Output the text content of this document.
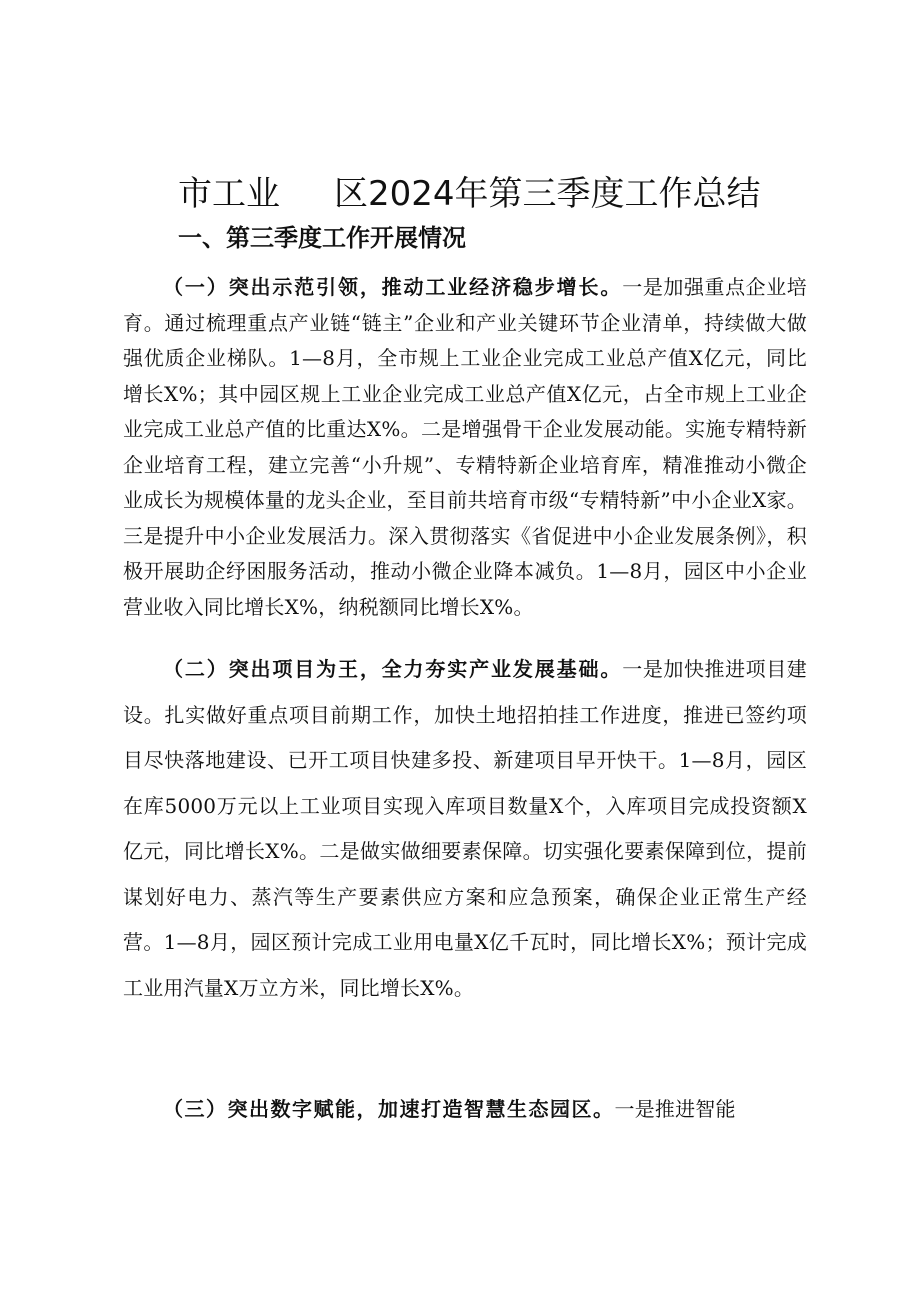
市工业 区2024年第三季度工作总结
一、第三季度工作开展情况

（一）突出示范引领，推动工业经济稳步增长。一是加强重点企业培育。通过梳理重点产业链“链主”企业和产业关键环节企业清单，持续做大做强优质企业梯队。1—8月，全市规上工业企业完成工业总产值X亿元，同比增长X%；其中园区规上工业企业完成工业总产值X亿元，占全市规上工业企业完成工业总产值的比重达X%。二是增强骨干企业发展动能。实施专精特新企业培育工程，建立完善“小升规”、专精特新企业培育库，精准推动小微企业成长为规模体量的龙头企业，至目前共培育市级“专精特新”中小企业X家。三是提升中小企业发展活力。深入贯彻落实《省促进中小企业发展条例》，积极开展助企纾困服务活动，推动小微企业降本减负。1—8月，园区中小企业营业收入同比增长X%，纳税额同比增长X%。

（二）突出项目为王，全力夯实产业发展基础。一是加快推进项目建设。扎实做好重点项目前期工作，加快土地招拍挂工作进度，推进已签约项目尽快落地建设、已开工项目快建多投、新建项目早开快干。1—8月，园区在库5000万元以上工业项目实现入库项目数量X个，入库项目完成投资额X亿元，同比增长X%。二是做实做细要素保障。切实强化要素保障到位，提前谋划好电力、蒸汽等生产要素供应方案和应急预案，确保企业正常生产经营。1—8月，园区预计完成工业用电量X亿千瓦时，同比增长X%；预计完成工业用汽量X万立方米，同比增长X%。

（三）突出数字赋能，加速打造智慧生态园区。一是推进智能
